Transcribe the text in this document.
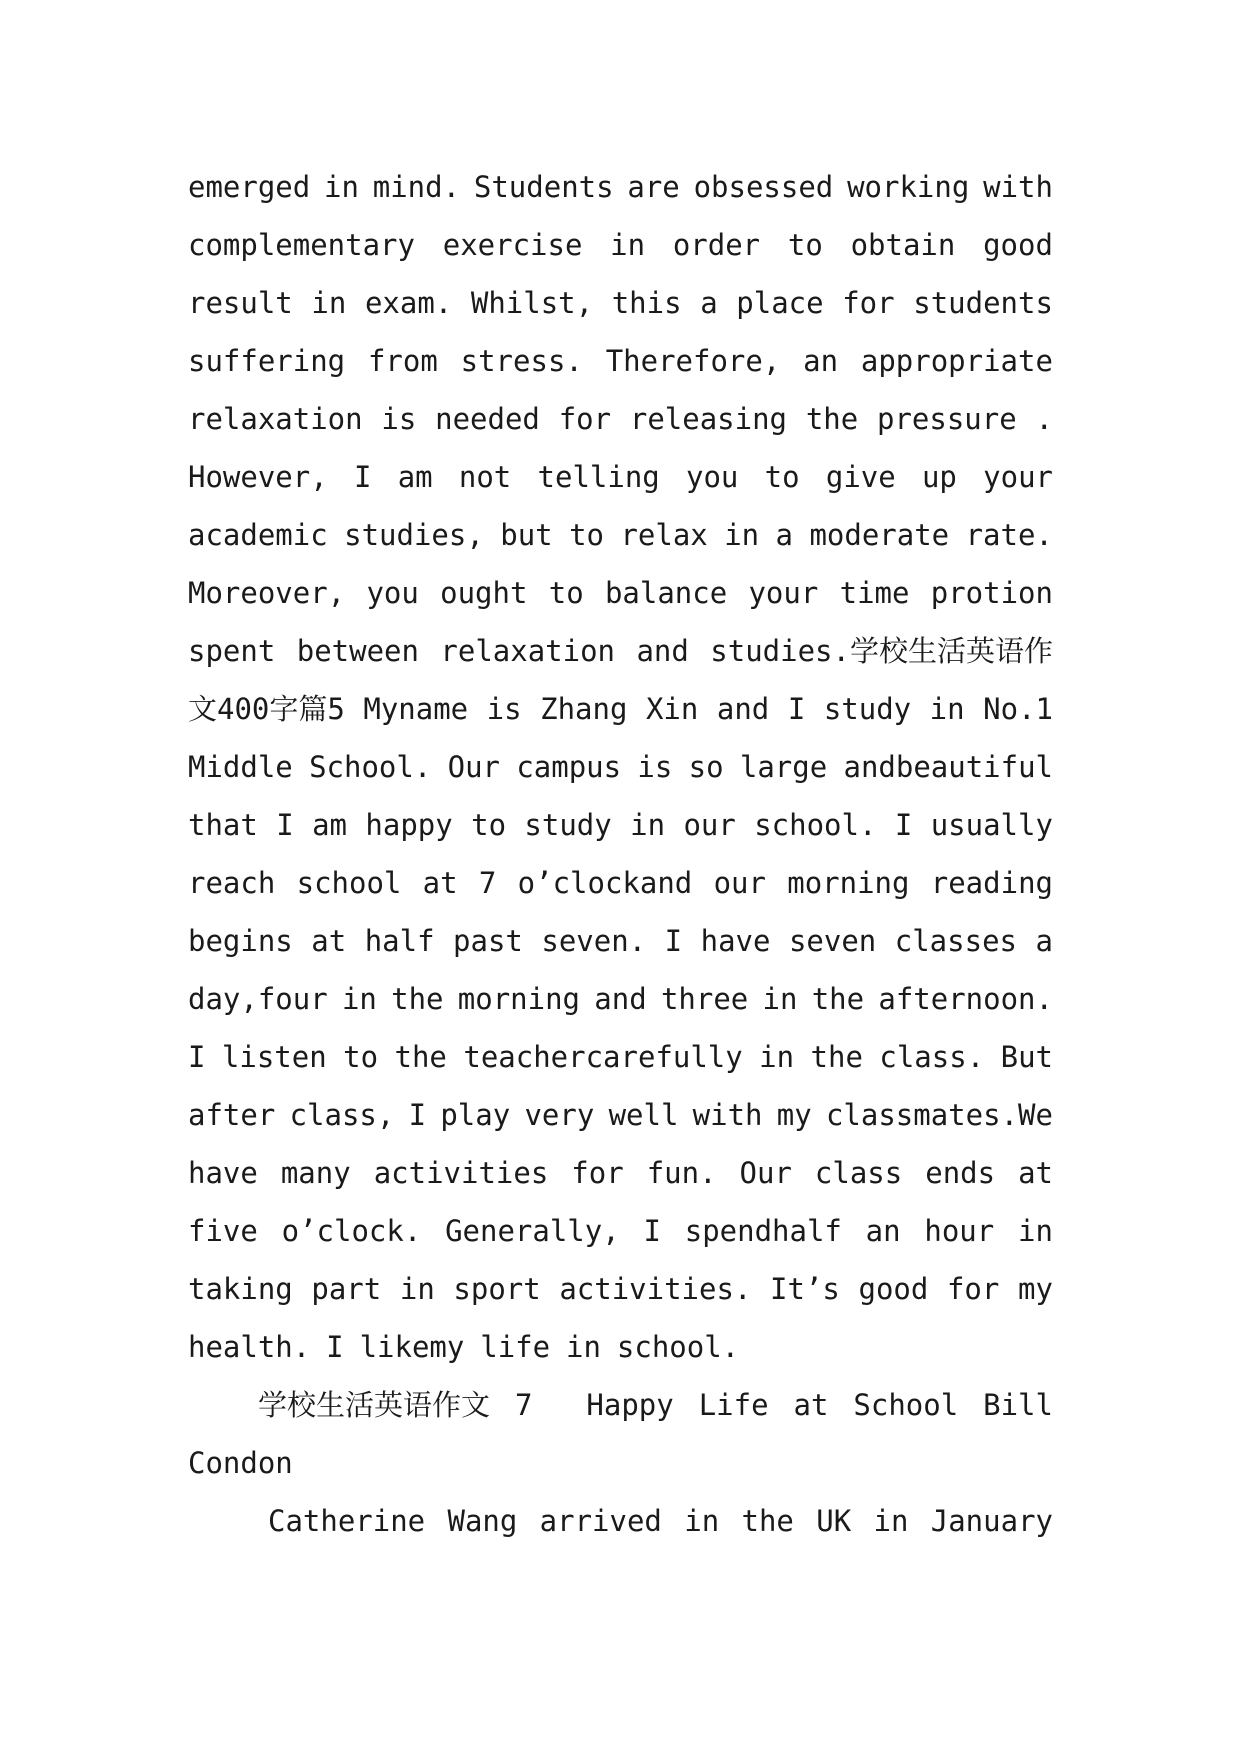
emerged in mind. Students are obsessed working with
complementary exercise in order to obtain good
result in exam. Whilst, this a place for students
suffering from stress. Therefore, an appropriate
relaxation is needed for releasing the pressure .
However, I am not telling you to give up your
academic studies, but to relax in a moderate rate.
Moreover, you ought to balance your time protion
spent between relaxation and studies.学校生活英语作
文400字篇5 Myname is Zhang Xin and I study in No.1
Middle School. Our campus is so large andbeautiful
that I am happy to study in our school. I usually
reach school at 7 o’clockand our morning reading
begins at half past seven. I have seven classes a
day,four in the morning and three in the afternoon.
I listen to the teachercarefully in the class. But
after class, I play very well with my classmates.We
have many activities for fun. Our class ends at
five o’clock. Generally, I spendhalf an hour in
taking part in sport activities. It’s good for my
health. I likemy life in school.
学校生活英语作文 7　 Happy Life at School Bill
Condon
Catherine Wang arrived in the UK in January
